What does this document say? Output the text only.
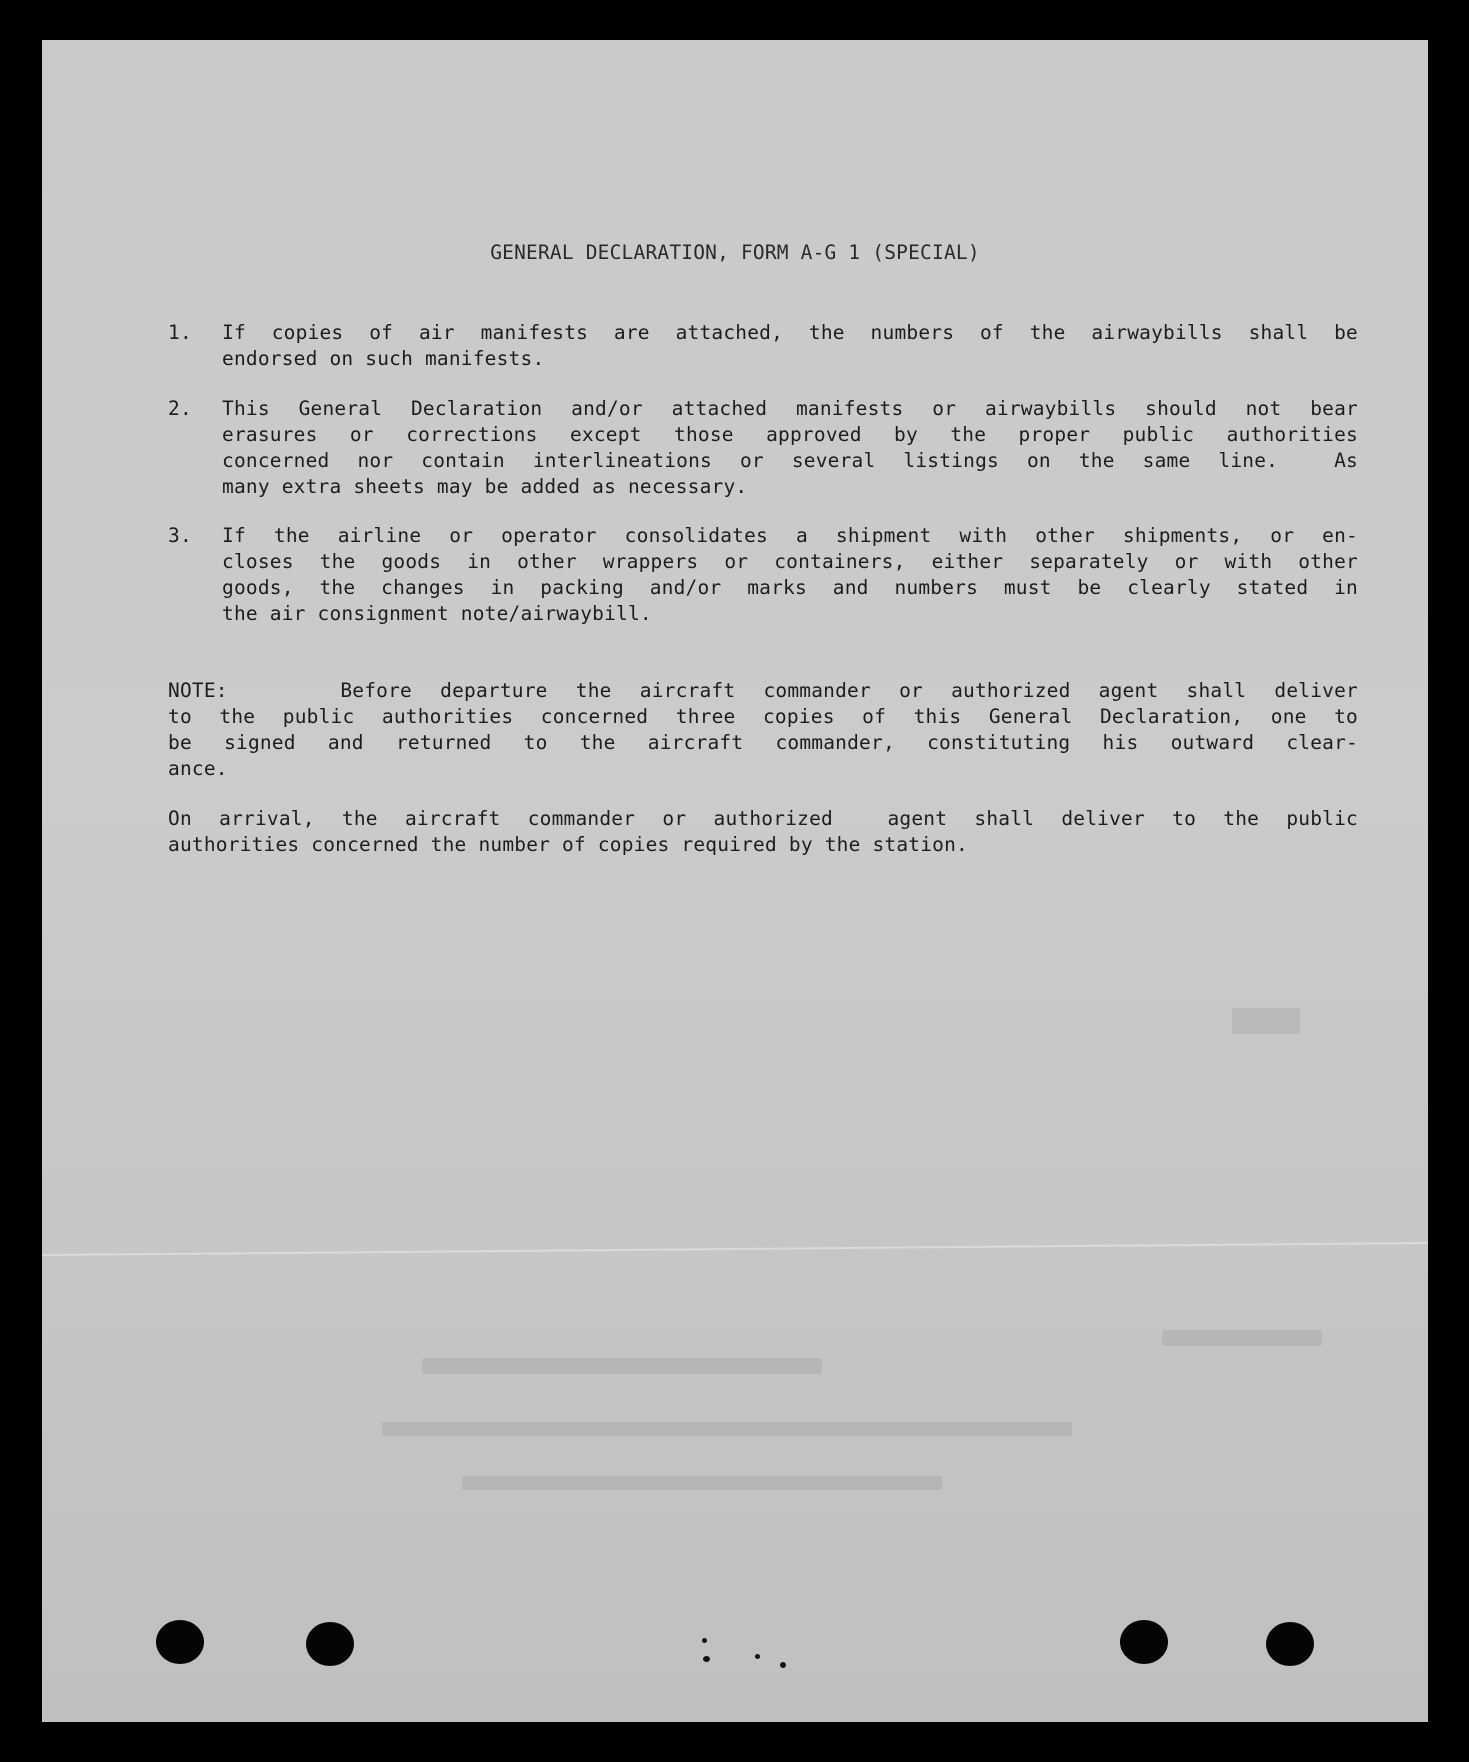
GENERAL DECLARATION, FORM A-G 1 (SPECIAL)
1.	If copies of air manifests are attached, the numbers of the airwaybills shall be
endorsed on such manifests.
2.	This General Declaration and/or attached manifests or airwaybills should not bear
erasures or corrections except those approved by the proper public authorities
concerned nor contain interlineations or several listings on the same line.  As
many extra sheets may be added as necessary.
3.	If the airline or operator consolidates a shipment with other shipments, or en-
closes the goods in other wrappers or containers, either separately or with other
goods, the changes in packing and/or marks and numbers must be clearly stated in
the air consignment note/airwaybill.
NOTE:    Before departure the aircraft commander or authorized agent shall deliver
to the public authorities concerned three copies of this General Declaration, one to
be signed and returned to the aircraft commander, constituting his outward clear-
ance.
On arrival, the aircraft commander or authorized  agent shall deliver to the public
authorities concerned the number of copies required by the station.
